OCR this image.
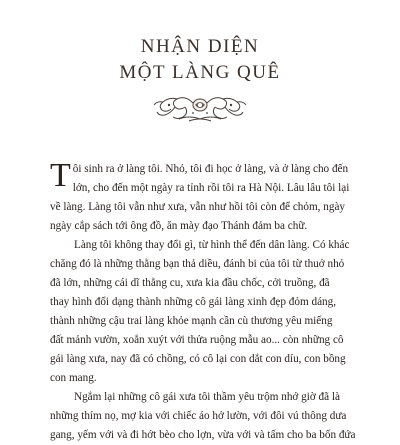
NHẬN DIỆN
MỘT LÀNG QUÊ

T ôi sinh ra ở làng tôi. Nhỏ, tôi đi học ở làng, và ở làng cho đến
lớn, cho đến một ngày ra tỉnh rồi tôi ra Hà Nội. Lâu lâu tôi lại
về làng. Làng tôi vẫn như xưa, vẫn như hồi tôi còn để chỏm, ngày
ngày cắp sách tới ông đồ, ăn mày đạo Thánh đảm ba chữ.

Làng tôi không thay đổi gì, từ hình thể đến dân làng. Có khác
chăng đó là những thằng bạn thả diều, đánh bi của tôi từ thuở nhỏ
đã lớn, những cái dĩ thằng cu, xưa kia đầu chốc, cởi truồng, đã
thay hình đổi dạng thành những cô gái làng xinh đẹp đỏm dáng,
thành những cậu trai làng khỏe mạnh cần cù thương yêu miếng
đất mảnh vườn, xoắn xuýt với thửa ruộng mẫu ao... còn những cô
gái làng xưa, nay đã có chồng, có cô lại con dắt con díu, con bồng
con mang.

Ngắm lại những cô gái xưa tôi thầm yêu trộm nhớ giờ đã là
những thím nọ, mợ kia với chiếc áo hở lườn, với đôi vú thông dưa
gang, yếm với và đi hớt bèo cho lợn, vừa với và tấm cho ba bốn đứa
